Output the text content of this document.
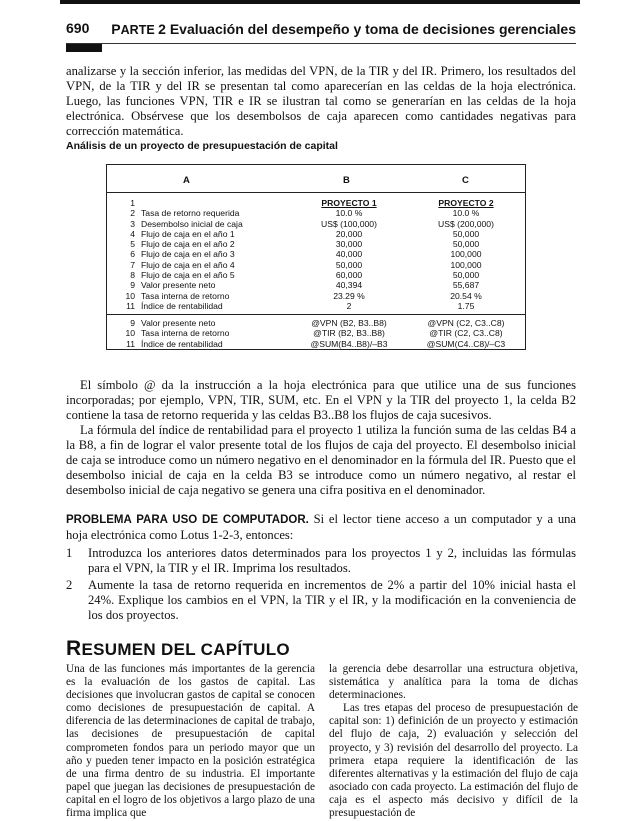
690 PARTE 2 Evaluación del desempeño y toma de decisiones gerenciales
analizarse y la sección inferior, las medidas del VPN, de la TIR y del IR. Primero, los resultados del VPN, de la TIR y del IR se presentan tal como aparecerían en las celdas de la hoja electrónica. Luego, las funciones VPN, TIR e IR se ilustran tal como se generarían en las celdas de la hoja electrónica. Obsérvese que los desembolsos de caja aparecen como cantidades negativas para corrección matemática.
Análisis de un proyecto de presupuestación de capital
A	B	C
1	PROYECTO 1	PROYECTO 2
2 Tasa de retorno requerida	10.0 %	10.0 %
3 Desembolso inicial de caja	US$ (100,000)	US$ (200,000)
4 Flujo de caja en el año 1	20,000	50,000
5 Flujo de caja en el año 2	30,000	50,000
6 Flujo de caja en el año 3	40,000	100,000
7 Flujo de caja en el año 4	50,000	100,000
8 Flujo de caja en el año 5	60,000	50,000
9 Valor presente neto	40,394	55,687
10 Tasa interna de retorno	23.29 %	20.54 %
11 Índice de rentabilidad	2	1.75
9 Valor presente neto	@VPN (B2, B3..B8)	@VPN (C2, C3..C8)
10 Tasa interna de retorno	@TIR (B2, B3..B8)	@TIR (C2, C3..C8)
11 Índice de rentabilidad	@SUM(B4..B8)/–B3	@SUM(C4..C8)/–C3
El símbolo @ da la instrucción a la hoja electrónica para que utilice una de sus funciones incorporadas; por ejemplo, VPN, TIR, SUM, etc. En el VPN y la TIR del proyecto 1, la celda B2 contiene la tasa de retorno requerida y las celdas B3..B8 los flujos de caja sucesivos.
La fórmula del índice de rentabilidad para el proyecto 1 utiliza la función suma de las celdas B4 a la B8, a fin de lograr el valor presente total de los flujos de caja del proyecto. El desembolso inicial de caja se introduce como un número negativo en el denominador en la fórmula del IR. Puesto que el desembolso inicial de caja en la celda B3 se introduce como un número negativo, al restar el desembolso inicial de caja negativo se genera una cifra positiva en el denominador.
PROBLEMA PARA USO DE COMPUTADOR. Si el lector tiene acceso a un computador y a una hoja electrónica como Lotus 1-2-3, entonces:
1 Introduzca los anteriores datos determinados para los proyectos 1 y 2, incluidas las fórmulas para el VPN, la TIR y el IR. Imprima los resultados.
2 Aumente la tasa de retorno requerida en incrementos de 2% a partir del 10% inicial hasta el 24%. Explique los cambios en el VPN, la TIR y el IR, y la modificación en la conveniencia de los dos proyectos.
RESUMEN DEL CAPÍTULO
Una de las funciones más importantes de la gerencia es la evaluación de los gastos de capital. Las decisiones que involucran gastos de capital se conocen como decisiones de presupuestación de capital. A diferencia de las determinaciones de capital de trabajo, las decisiones de presupuestación de capital comprometen fondos para un periodo mayor que un año y pueden tener impacto en la posición estratégica de una firma dentro de su industria. El importante papel que juegan las decisiones de presupuestación de capital en el logro de los objetivos a largo plazo de una firma implica que
la gerencia debe desarrollar una estructura objetiva, sistemática y analítica para la toma de dichas determinaciones.
Las tres etapas del proceso de presupuestación de capital son: 1) definición de un proyecto y estimación del flujo de caja, 2) evaluación y selección del proyecto, y 3) revisión del desarrollo del proyecto. La primera etapa requiere la identificación de las diferentes alternativas y la estimación del flujo de caja asociado con cada proyecto. La estimación del flujo de caja es el aspecto más decisivo y difícil de la presupuestación de
